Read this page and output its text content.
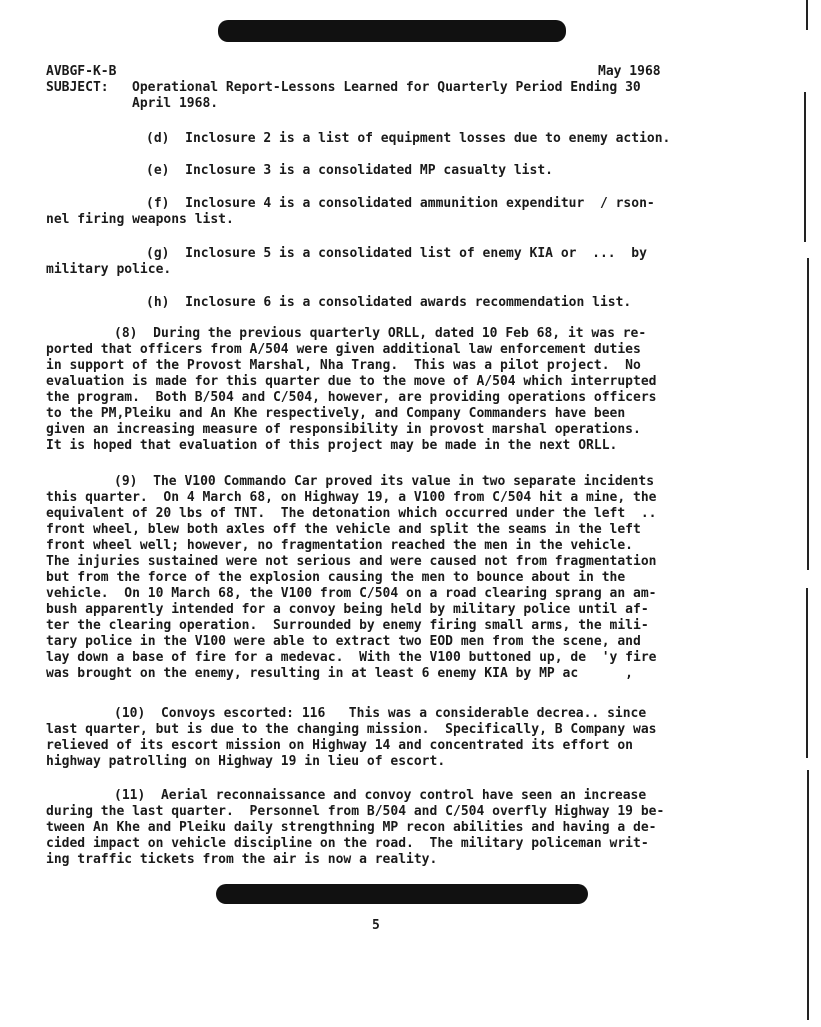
AVBGF-K-B	May 1968
SUBJECT: Operational Report-Lessons Learned for Quarterly Period Ending 30
April 1968.
(d)  Inclosure 2 is a list of equipment losses due to enemy action.
(e)  Inclosure 3 is a consolidated MP casualty list.
(f)  Inclosure 4 is a consolidated ammunition expenditur  / rson-
nel firing weapons list.
(g)  Inclosure 5 is a consolidated list of enemy KIA or  ...  by
military police.
(h)  Inclosure 6 is a consolidated awards recommendation list.
(8)  During the previous quarterly ORLL, dated 10 Feb 68, it was re-
ported that officers from A/504 were given additional law enforcement duties
in support of the Provost Marshal, Nha Trang.  This was a pilot project.  No
evaluation is made for this quarter due to the move of A/504 which interrupted
the program.  Both B/504 and C/504, however, are providing operations officers
to the PM,Pleiku and An Khe respectively, and Company Commanders have been
given an increasing measure of responsibility in provost marshal operations.
It is hoped that evaluation of this project may be made in the next ORLL.
(9)  The V100 Commando Car proved its value in two separate incidents
this quarter.  On 4 March 68, on Highway 19, a V100 from C/504 hit a mine, the
equivalent of 20 lbs of TNT.  The detonation which occurred under the left  ..
front wheel, blew both axles off the vehicle and split the seams in the left
front wheel well; however, no fragmentation reached the men in the vehicle.
The injuries sustained were not serious and were caused not from fragmentation
but from the force of the explosion causing the men to bounce about in the
vehicle.  On 10 March 68, the V100 from C/504 on a road clearing sprang an am-
bush apparently intended for a convoy being held by military police until af-
ter the clearing operation.  Surrounded by enemy firing small arms, the mili-
tary police in the V100 were able to extract two EOD men from the scene, and
lay down a base of fire for a medevac.  With the V100 buttoned up, de  'y fire
was brought on the enemy, resulting in at least 6 enemy KIA by MP ac      ,
(10)  Convoys escorted: 116   This was a considerable decrea.. since
last quarter, but is due to the changing mission.  Specifically, B Company was
relieved of its escort mission on Highway 14 and concentrated its effort on
highway patrolling on Highway 19 in lieu of escort.
(11)  Aerial reconnaissance and convoy control have seen an increase
during the last quarter.  Personnel from B/504 and C/504 overfly Highway 19 be-
tween An Khe and Pleiku daily strengthning MP recon abilities and having a de-
cided impact on vehicle discipline on the road.  The military policeman writ-
ing traffic tickets from the air is now a reality.
5
